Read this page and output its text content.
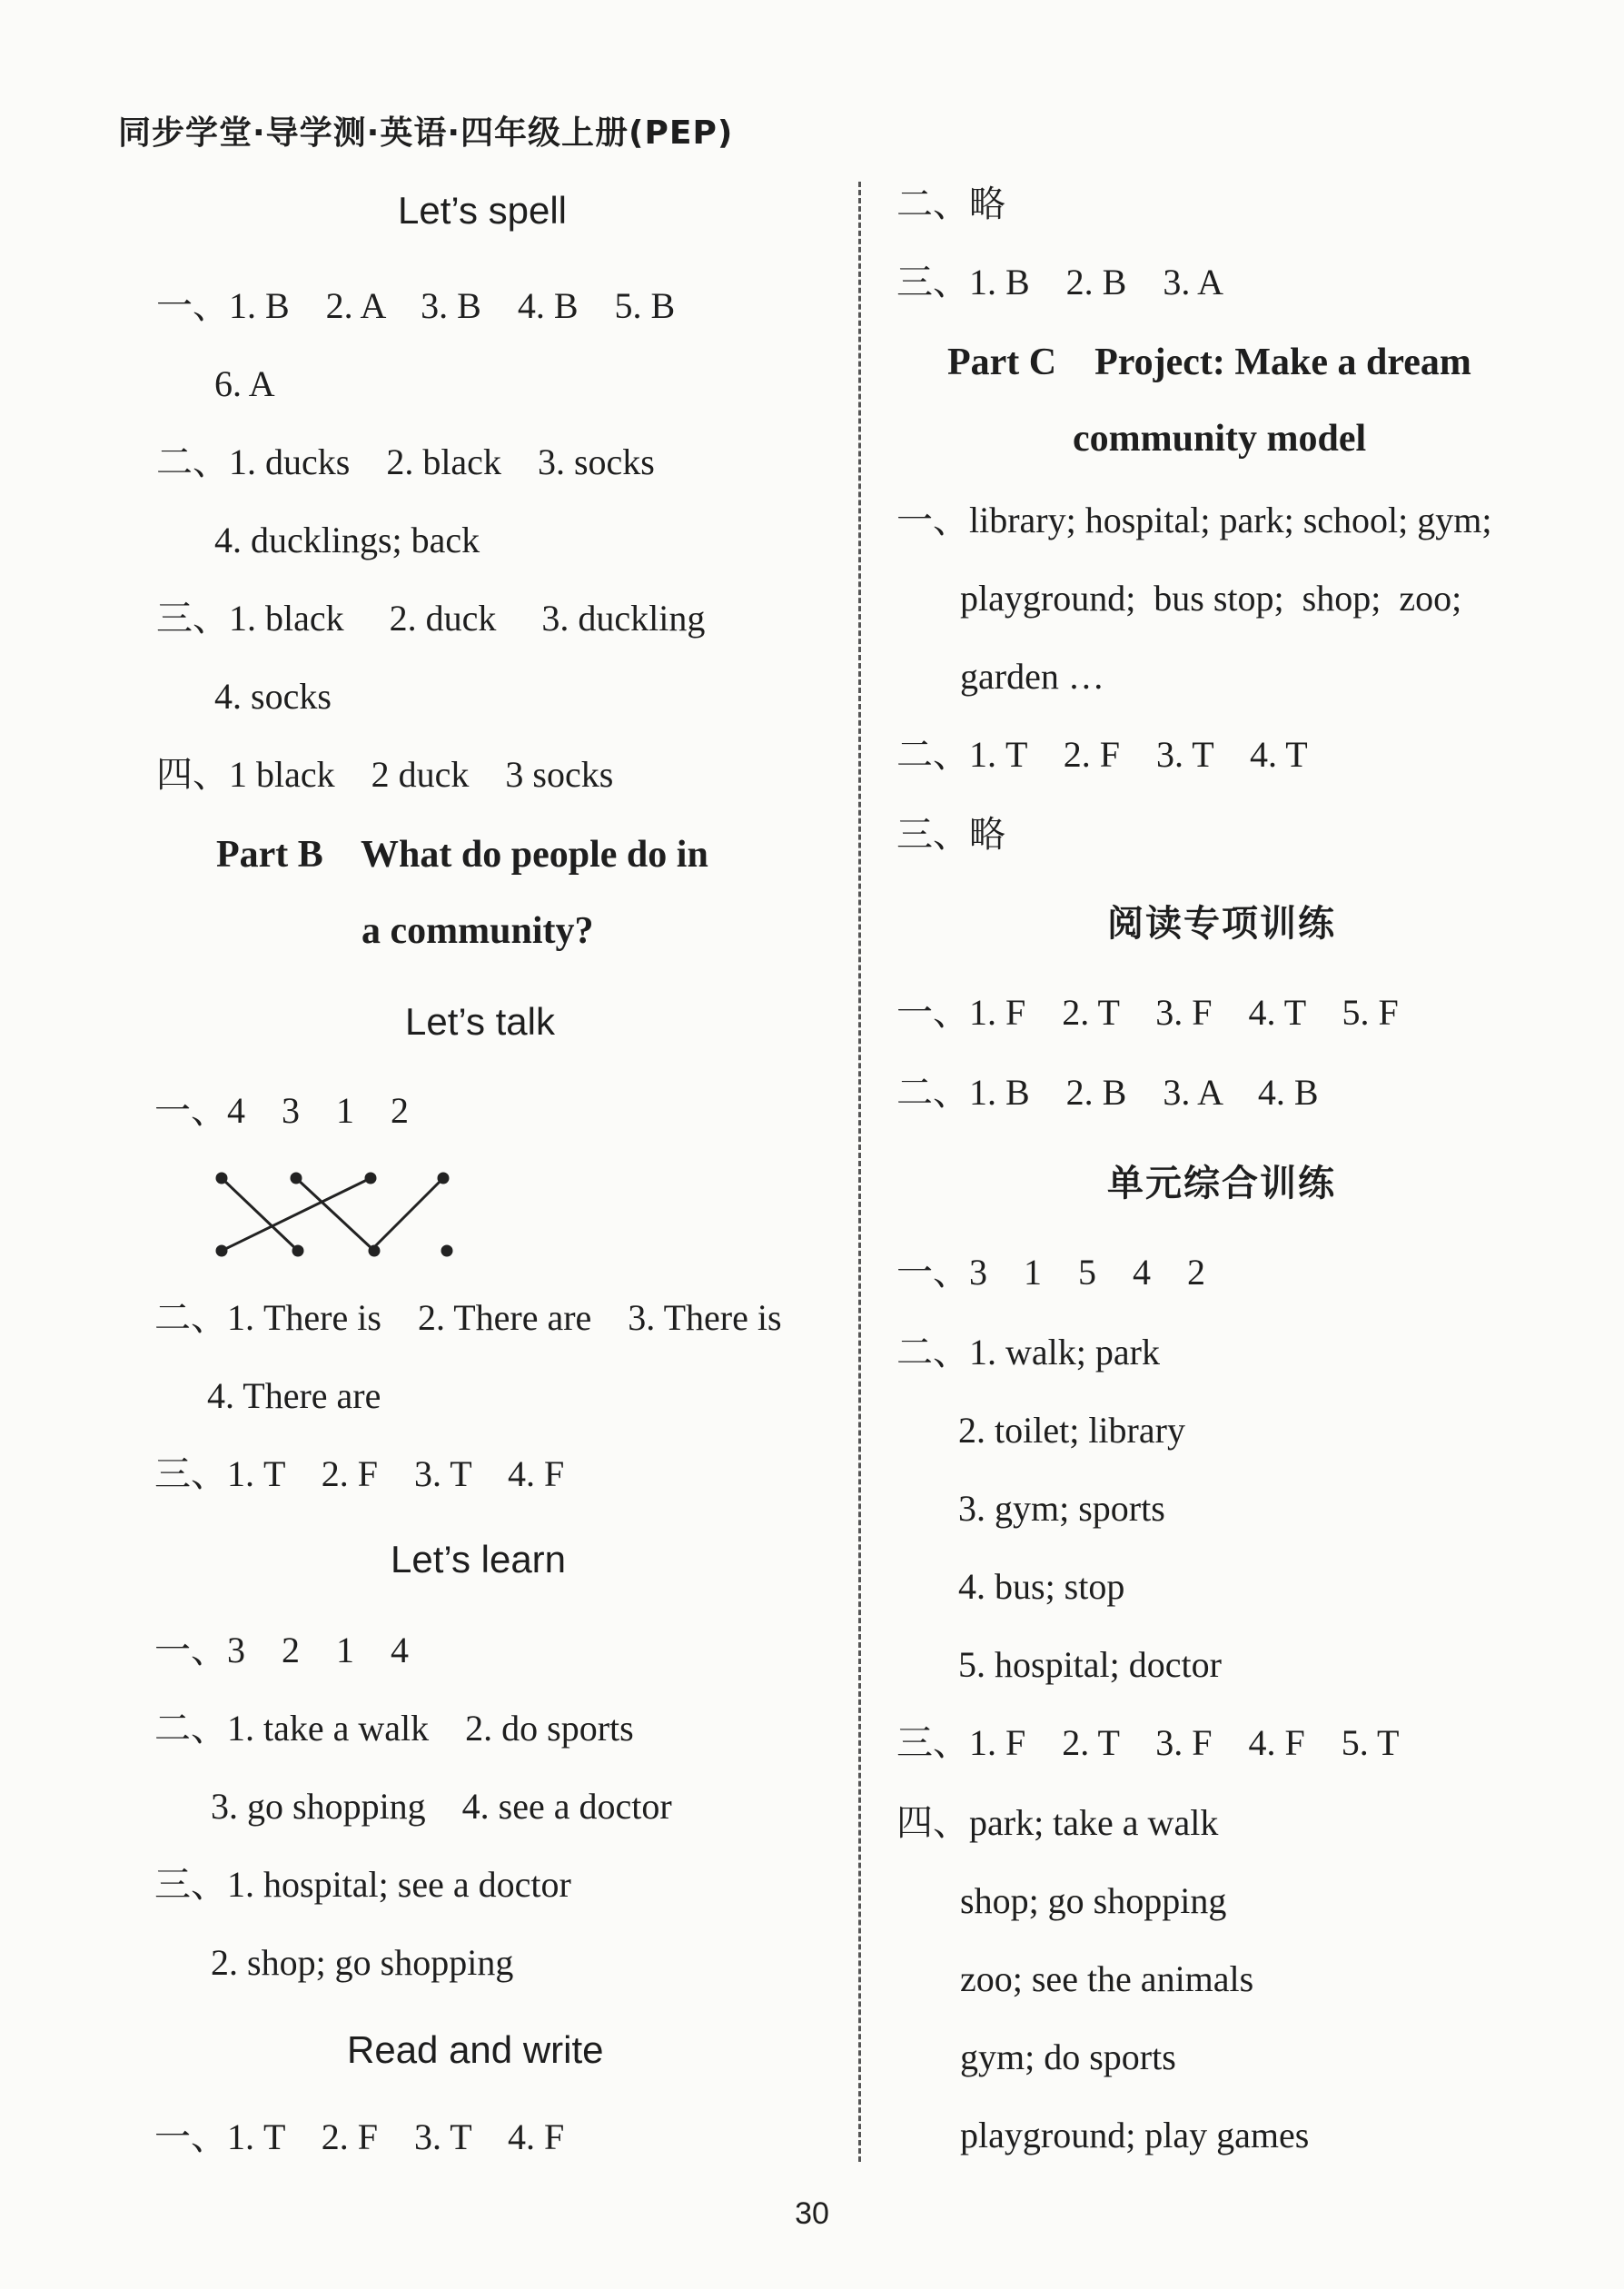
同步学堂·导学测·英语·四年级上册(PEP)
Let’s spell
一、1. B    2. A    3. B    4. B    5. B
6. A
二、1. ducks    2. black    3. socks
4. ducklings; back
三、1. black     2. duck     3. duckling
4. socks
四、1 black    2 duck    3 socks
Part B    What do people do in
a community?
Let’s talk
一、4    3    1    2
二、1. There is    2. There are    3. There is
4. There are
三、1. T    2. F    3. T    4. F
Let’s learn
一、3    2    1    4
二、1. take a walk    2. do sports
3. go shopping    4. see a doctor
三、1. hospital; see a doctor
2. shop; go shopping
Read and write
一、1. T    2. F    3. T    4. F
二、略
三、1. B    2. B    3. A
Part C    Project: Make a dream
community model
一、library; hospital; park; school; gym;
playground;  bus stop;  shop;  zoo;
garden …
二、1. T    2. F    3. T    4. T
三、略
阅读专项训练
一、1. F    2. T    3. F    4. T    5. F
二、1. B    2. B    3. A    4. B
单元综合训练
一、3    1    5    4    2
二、1. walk; park
2. toilet; library
3. gym; sports
4. bus; stop
5. hospital; doctor
三、1. F    2. T    3. F    4. F    5. T
四、park; take a walk
shop; go shopping
zoo; see the animals
gym; do sports
playground; play games
30
